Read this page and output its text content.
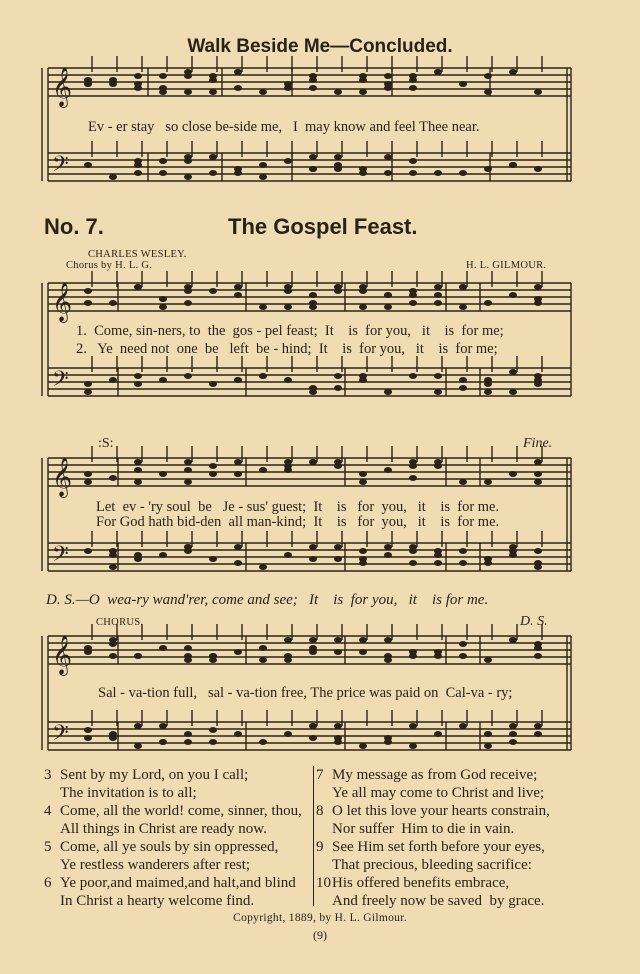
Walk Beside Me—Concluded.
𝄞
𝄞
𝄞
𝄞
𝄢
𝄢
𝄢
𝄢
Ev - er stay   so close be-side me,   I  may know and feel Thee near.
No. 7.	The Gospel Feast.
CHARLES WESLEY.
Chorus by H. L. G.	H. L. GILMOUR.
1.  Come, sin-ners, to  the  gos - pel feast;  It    is  for you,   it    is  for me;
2.   Ye  need not  one  be   left  be - hind;  It    is  for you,   it    is  for me;
:S:	Fine.
Let  ev - 'ry soul  be   Je - sus' guest;  It    is   for  you,   it    is  for me.
For God hath bid-den  all man-kind;  It    is   for  you,   it    is  for me.
D. S.—O  wea-ry wand'rer, come and see;   It    is  for you,   it    is for me.
CHORUS.	D. S.
Sal - va-tion full,   sal - va-tion free, The price was paid on  Cal-va - ry;
3 Sent by my Lord, on you I call;
The invitation is to all;
4 Come, all the world! come, sinner, thou,
All things in Christ are ready now.
5 Come, all ye souls by sin oppressed,
Ye restless wanderers after rest;
6 Ye poor,and maimed,and halt,and blind
In Christ a hearty welcome find.
7 My message as from God receive;
Ye all may come to Christ and live;
8 O let this love your hearts constrain,
Nor suffer  Him to die in vain.
9 See Him set forth before your eyes,
That precious, bleeding sacrifice:
10 His offered benefits embrace,
And freely now be saved  by grace.
Copyright, 1889, by H. L. Gilmour.
(9)
